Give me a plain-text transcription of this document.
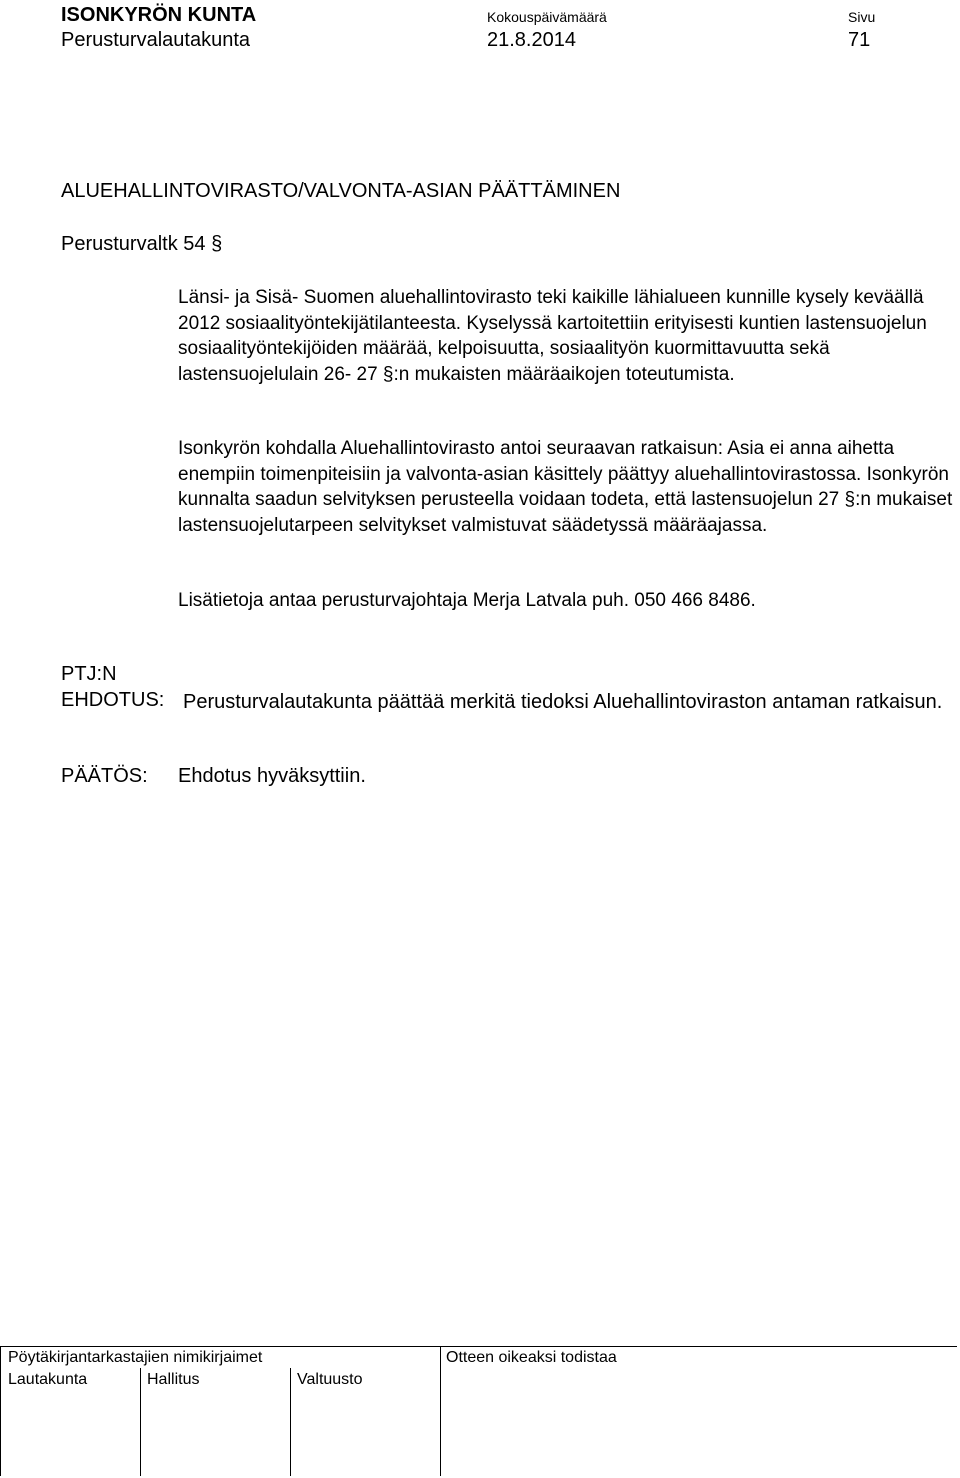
ISONKYRÖN KUNTA
Perusturvalautakunta
Kokouspäivämäärä
21.8.2014
Sivu
71
ALUEHALLINTOVIRASTO/VALVONTA-ASIAN PÄÄTTÄMINEN
Perusturvaltk 54 §

Länsi- ja Sisä- Suomen aluehallintovirasto teki kaikille lähialueen kunnille kysely keväällä 2012 sosiaalityöntekijätilanteesta. Kyselyssä kartoitettiin erityisesti kuntien lastensuojelun sosiaalityöntekijöiden määrää, kelpoisuutta, sosiaalityön kuormittavuutta sekä lastensuojelulain 26- 27 §:n mukaisten määräaikojen toteutumista.

Isonkyrön kohdalla Aluehallintovirasto antoi seuraavan ratkaisun: Asia ei anna aihetta enempiin toimenpiteisiin ja valvonta-asian käsittely päättyy aluehallintovirastossa. Isonkyrön kunnalta saadun selvityksen perusteella voidaan todeta, että lastensuojelun 27 §:n mukaiset lastensuojelutarpeen selvitykset valmistuvat säädetyssä määräajassa.

Lisätietoja antaa perusturvajohtaja Merja Latvala puh. 050 466 8486.

PTJ:N
EHDOTUS: Perusturvalautakunta päättää merkitä tiedoksi Aluehallintoviraston antaman ratkaisun.
PÄÄTÖS: Ehdotus hyväksyttiin.
Pöytäkirjantarkastajien nimikirjaimet
Lautakunta	Hallitus	Valtuusto
Otteen oikeaksi todistaa
